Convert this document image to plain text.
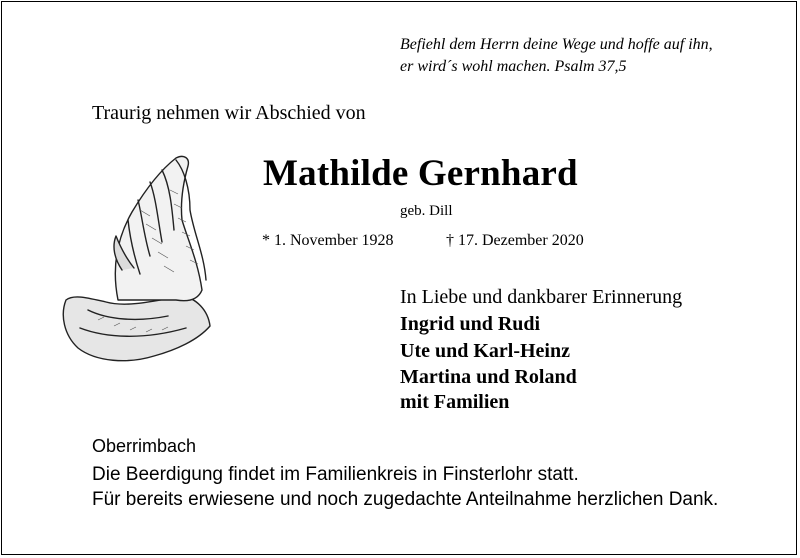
Befiehl dem Herrn deine Wege und hoffe auf ihn,
er wird´s wohl machen. Psalm 37,5
Traurig nehmen wir Abschied von
Mathilde Gernhard
geb. Dill
* 1. November 1928	† 17. Dezember 2020
In Liebe und dankbarer Erinnerung
Ingrid und Rudi
Ute und Karl-Heinz
Martina und Roland
mit Familien
Oberrimbach
Die Beerdigung findet im Familienkreis in Finsterlohr statt.
Für bereits erwiesene und noch zugedachte Anteilnahme herzlichen Dank.
